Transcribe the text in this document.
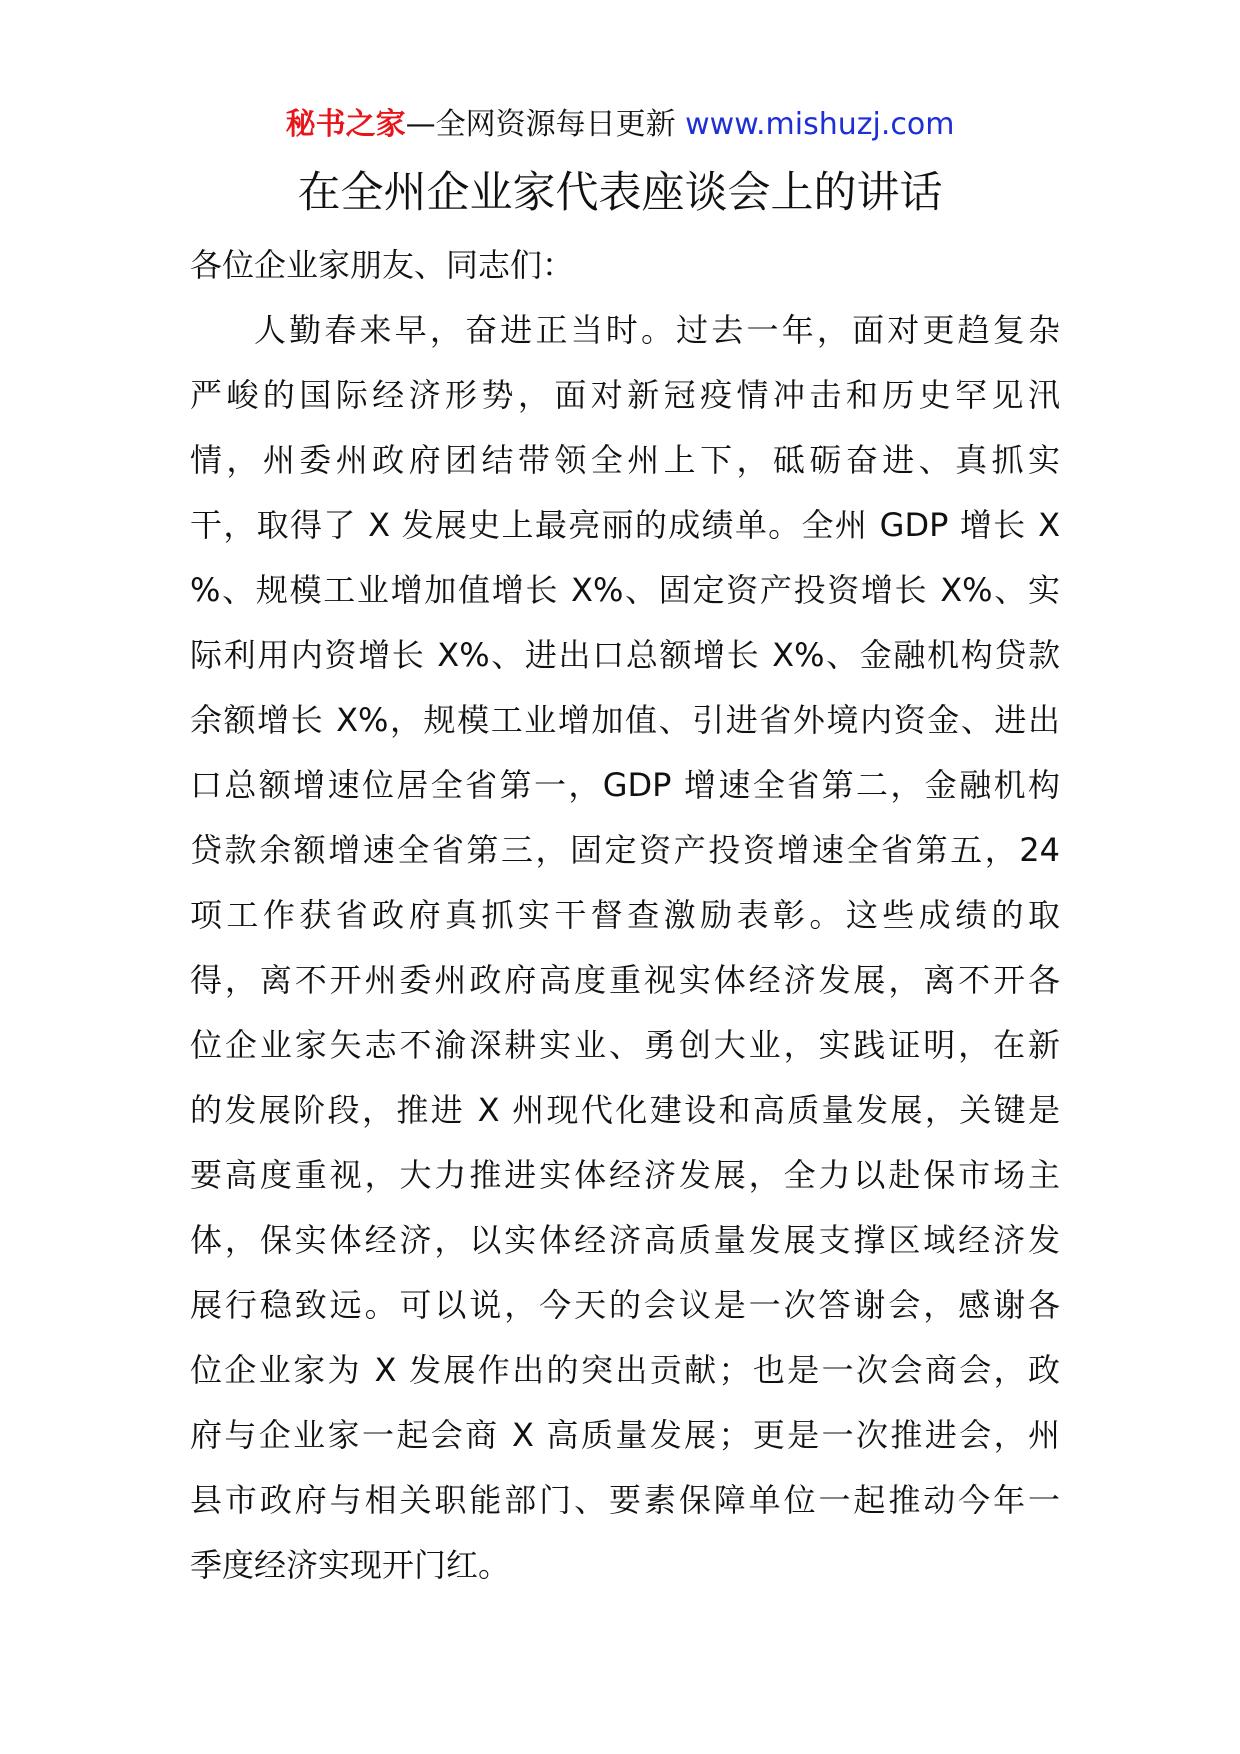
秘书之家—全网资源每日更新 www.mishuzj.com
在全州企业家代表座谈会上的讲话
各位企业家朋友、同志们：
人勤春来早，奋进正当时。过去一年，面对更趋复杂
严峻的国际经济形势，面对新冠疫情冲击和历史罕见汛
情，州委州政府团结带领全州上下，砥砺奋进、真抓实
干，取得了 X 发展史上最亮丽的成绩单。全州 GDP 增长 X
%、规模工业增加值增长 X%、固定资产投资增长 X%、实
际利用内资增长 X%、进出口总额增长 X%、金融机构贷款
余额增长 X%，规模工业增加值、引进省外境内资金、进出
口总额增速位居全省第一，GDP 增速全省第二，金融机构
贷款余额增速全省第三，固定资产投资增速全省第五，24
项工作获省政府真抓实干督查激励表彰。这些成绩的取
得，离不开州委州政府高度重视实体经济发展，离不开各
位企业家矢志不渝深耕实业、勇创大业，实践证明，在新
的发展阶段，推进 X 州现代化建设和高质量发展，关键是
要高度重视，大力推进实体经济发展，全力以赴保市场主
体，保实体经济，以实体经济高质量发展支撑区域经济发
展行稳致远。可以说，今天的会议是一次答谢会，感谢各
位企业家为 X 发展作出的突出贡献；也是一次会商会，政
府与企业家一起会商 X 高质量发展；更是一次推进会，州
县市政府与相关职能部门、要素保障单位一起推动今年一
季度经济实现开门红。
